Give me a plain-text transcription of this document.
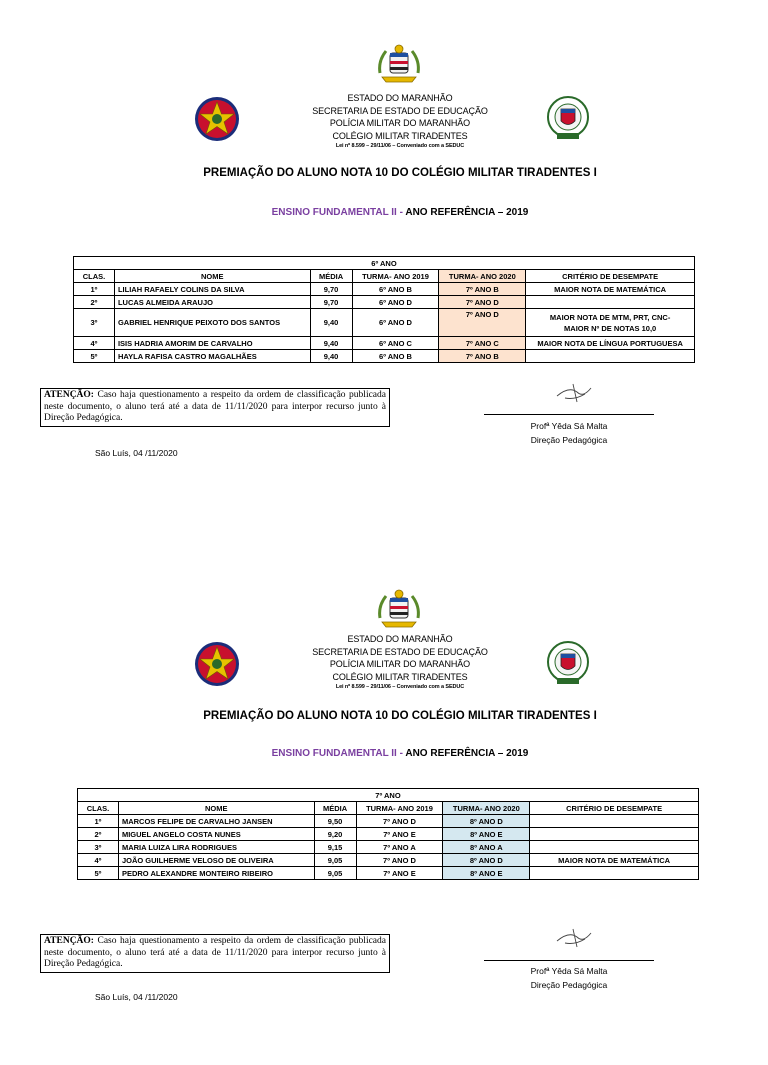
ESTADO DO MARANHÃO
SECRETARIA DE ESTADO DE EDUCAÇÃO
POLÍCIA MILITAR DO MARANHÃO
COLÉGIO MILITAR TIRADENTES
Lei nº 8.599 – 29/11/06 – Conveniado com a SEDUC
PREMIAÇÃO DO ALUNO NOTA 10 DO COLÉGIO MILITAR TIRADENTES I
ENSINO FUNDAMENTAL II - ANO REFERÊNCIA – 2019
6º ANO					
CLAS.	NOME	MÉDIA	TURMA- ANO 2019	TURMA- ANO 2020	CRITÉRIO DE DESEMPATE
1º	LILIAH RAFAELY COLINS DA SILVA	9,70	6º ANO B	7º ANO B	MAIOR NOTA DE MATEMÁTICA
2º	LUCAS ALMEIDA ARAUJO	9,70	6º ANO D	7º ANO D	
3º	GABRIEL HENRIQUE PEIXOTO DOS SANTOS	9,40	6º ANO D	7º ANO D	MAIOR NOTA DE MTM, PRT, CNC-
MAIOR Nº DE NOTAS 10,0

4º	ISIS HADRIA AMORIM DE CARVALHO	9,40	6º ANO C	7º ANO C	MAIOR NOTA DE LÍNGUA PORTUGUESA
5º	HAYLA RAFISA CASTRO MAGALHÃES	9,40	6º ANO B	7º ANO B	
ATENÇÃO: Caso haja questionamento a respeito da ordem de classificação publicada neste documento, o aluno terá até a data de 11/11/2020 para interpor recurso junto à Direção Pedagógica.
Profª Yêda Sá Malta
Direção Pedagógica
São Luís, 04 /11/2020
ESTADO DO MARANHÃO
SECRETARIA DE ESTADO DE EDUCAÇÃO
POLÍCIA MILITAR DO MARANHÃO
COLÉGIO MILITAR TIRADENTES
Lei nº 8.599 – 29/11/06 – Conveniado com a SEDUC
PREMIAÇÃO DO ALUNO NOTA 10 DO COLÉGIO MILITAR TIRADENTES I
ENSINO FUNDAMENTAL II - ANO REFERÊNCIA – 2019
7º ANO					
CLAS.	NOME	MÉDIA	TURMA- ANO 2019	TURMA- ANO 2020	CRITÉRIO DE DESEMPATE
1º	MARCOS FELIPE DE CARVALHO JANSEN	9,50	7º ANO D	8º ANO D	
2º	MIGUEL ANGELO COSTA NUNES	9,20	7º ANO E	8º ANO E	
3º	MARIA LUIZA LIRA RODRIGUES	9,15	7º ANO A	8º ANO A	
4º	JOÃO GUILHERME VELOSO DE OLIVEIRA	9,05	7º ANO D	8º ANO D	MAIOR NOTA DE MATEMÁTICA
5º	PEDRO ALEXANDRE MONTEIRO RIBEIRO	9,05	7º ANO E	8º ANO E	
ATENÇÃO: Caso haja questionamento a respeito da ordem de classificação publicada neste documento, o aluno terá até a data de 11/11/2020 para interpor recurso junto à Direção Pedagógica.
Profª Yêda Sá Malta
Direção Pedagógica
São Luís, 04 /11/2020
